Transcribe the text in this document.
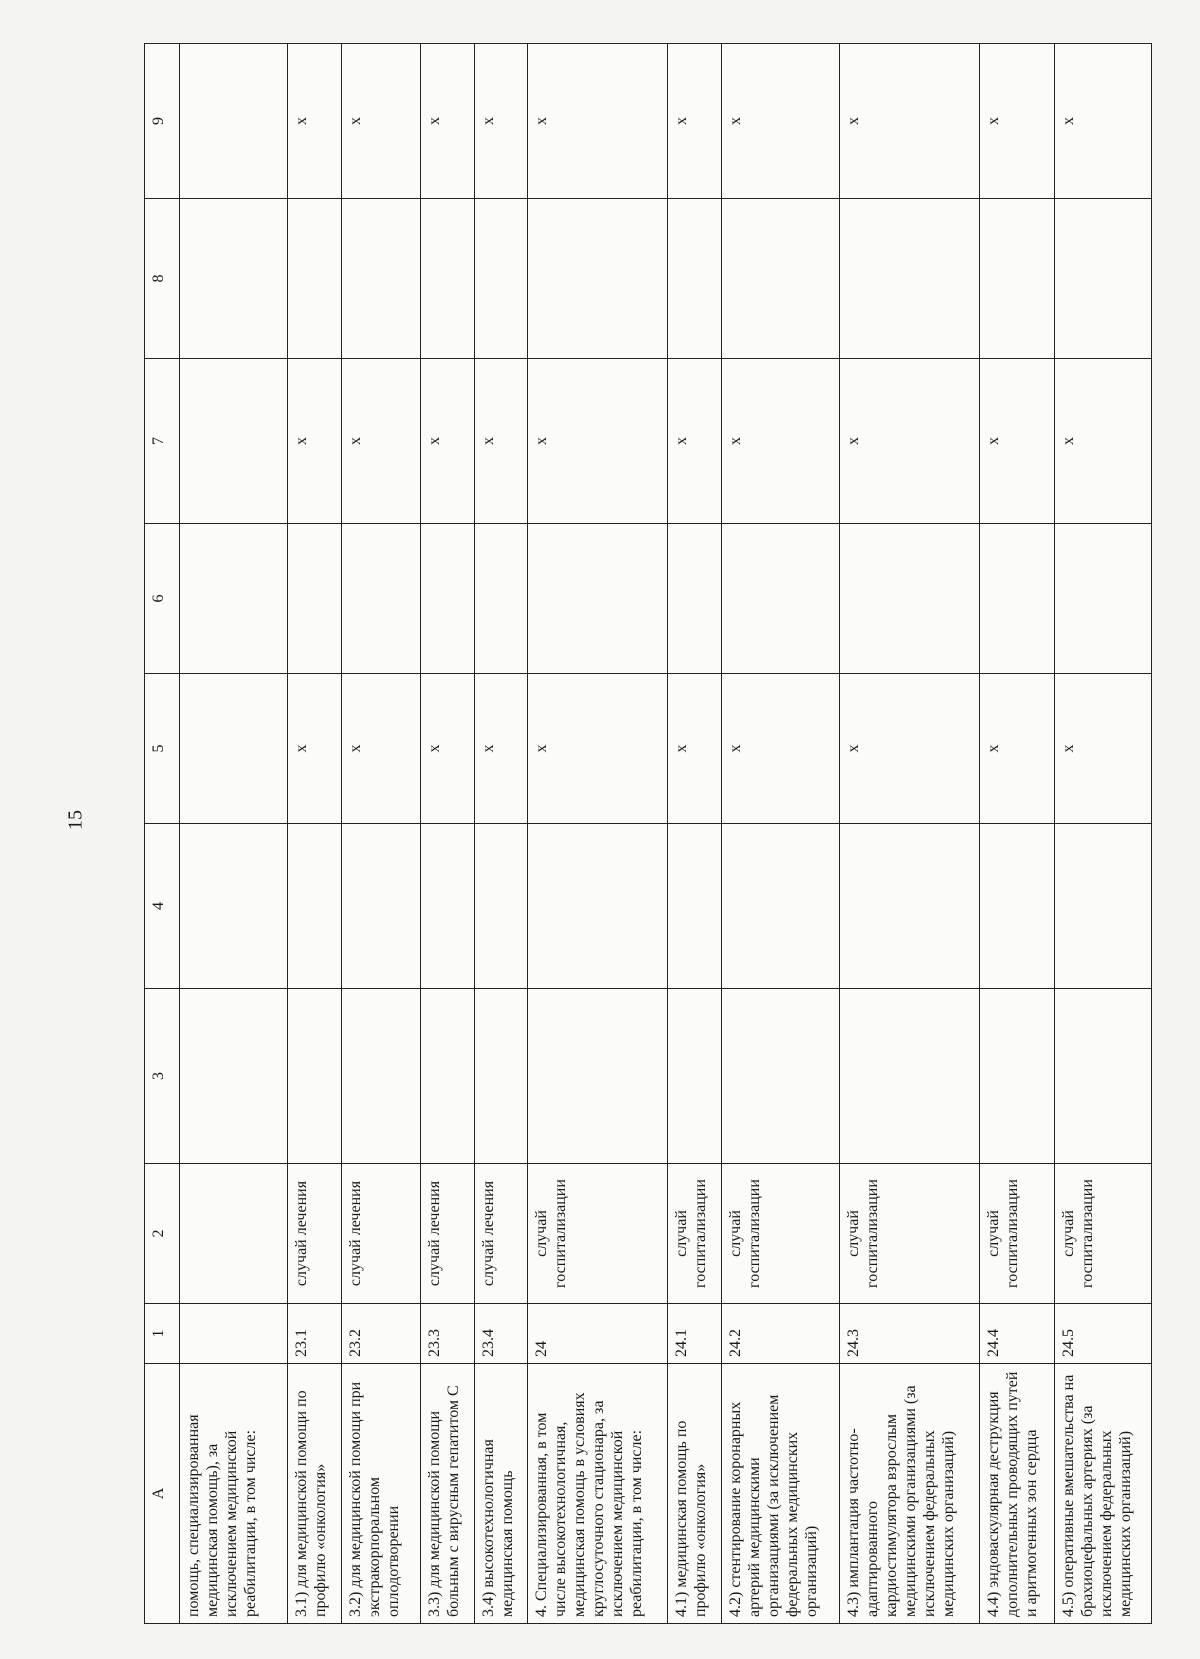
15
А	1	2	3	4	5	6	7	8	9
помощь, специализированная медицинская помощь), за исключением медицинской реабилитации, в том числе:									
3.1) для медицинской помощи по профилю «онкология»	23.1	случай лечения			х		х		х
3.2) для медицинской помощи при экстракорпоральном оплодотворении	23.2	случай лечения			х		х		х
3.3) для медицинской помощи больным с вирусным гепатитом С	23.3	случай лечения			х		х		х
3.4) высокотехнологичная медицинская помощь	23.4	случай лечения			х		х		х
4. Специализированная, в том числе высокотехнологичная, медицинская помощь в условиях круглосуточного стационара, за исключением медицинской реабилитации, в том числе:	24	случай госпитализации			х		х		х
4.1) медицинская помощь по профилю «онкология»	24.1	случай госпитализации			х		х		х
4.2) стентирование коронарных артерий медицинскими организациями (за исключением федеральных медицинских организаций)	24.2	случай госпитализации			х		х		х
4.3) имплантация частотно-адаптированного кардиостимулятора взрослым медицинскими организациями (за исключением федеральных медицинских организаций)	24.3	случай госпитализации			х		х		х
4.4) эндоваскулярная деструкция дополнительных проводящих путей и аритмогенных зон сердца	24.4	случай госпитализации			х		х		х
4.5) оперативные вмешательства на брахиоцефальных артериях (за исключением федеральных медицинских организаций)	24.5	случай госпитализации			х		х		х
